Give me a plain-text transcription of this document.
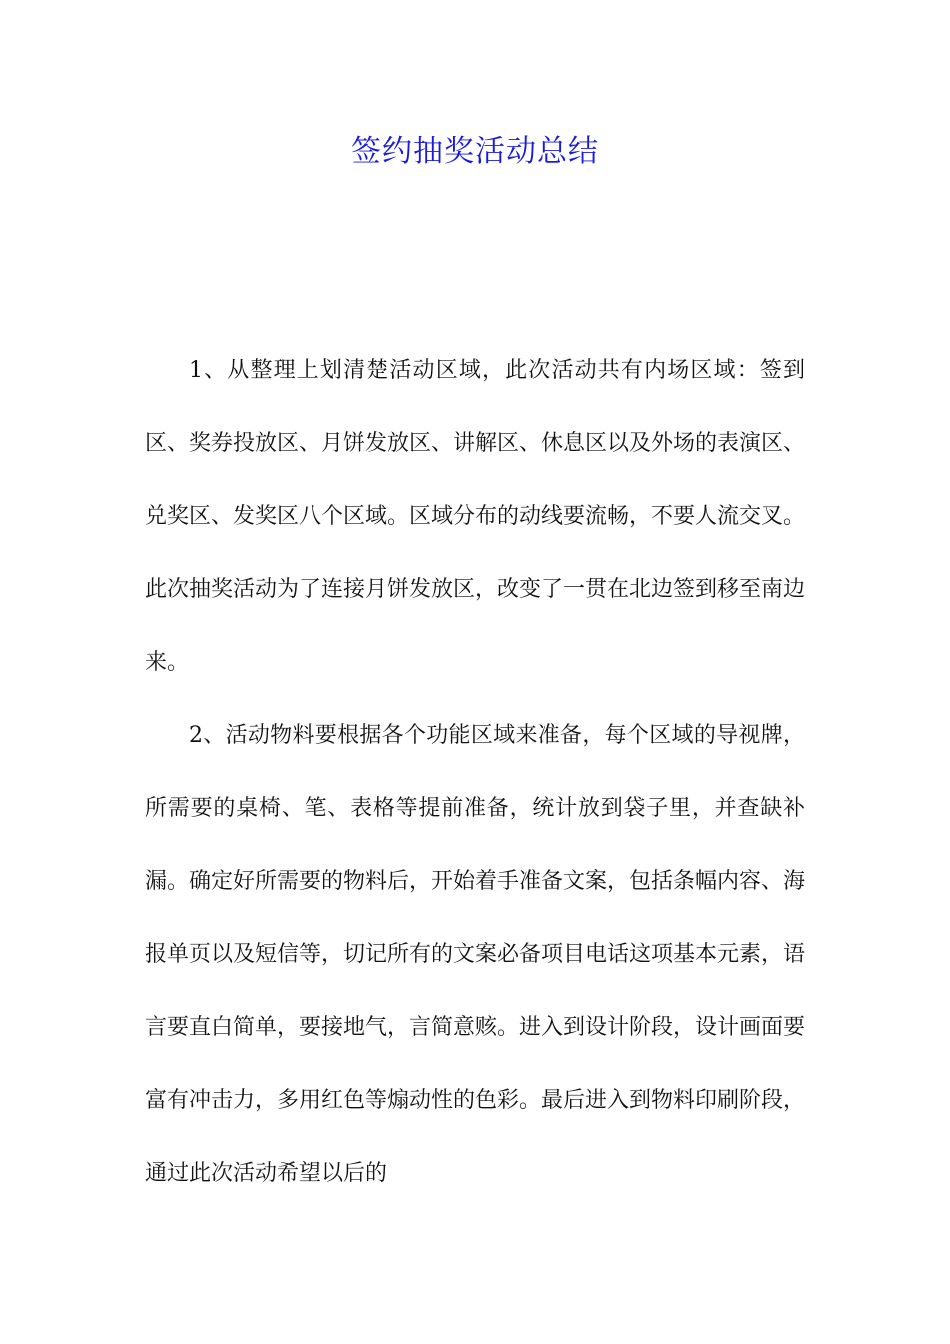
签约抽奖活动总结

1、从整理上划清楚活动区域，此次活动共有内场区域：签到区、奖券投放区、月饼发放区、讲解区、休息区以及外场的表演区、兑奖区、发奖区八个区域。区域分布的动线要流畅，不要人流交叉。此次抽奖活动为了连接月饼发放区，改变了一贯在北边签到移至南边来。

2、活动物料要根据各个功能区域来准备，每个区域的导视牌，所需要的桌椅、笔、表格等提前准备，统计放到袋子里，并查缺补漏。确定好所需要的物料后，开始着手准备文案，包括条幅内容、海报单页以及短信等，切记所有的文案必备项目电话这项基本元素，语言要直白简单，要接地气，言简意赅。进入到设计阶段，设计画面要富有冲击力，多用红色等煽动性的色彩。最后进入到物料印刷阶段，通过此次活动希望以后的
